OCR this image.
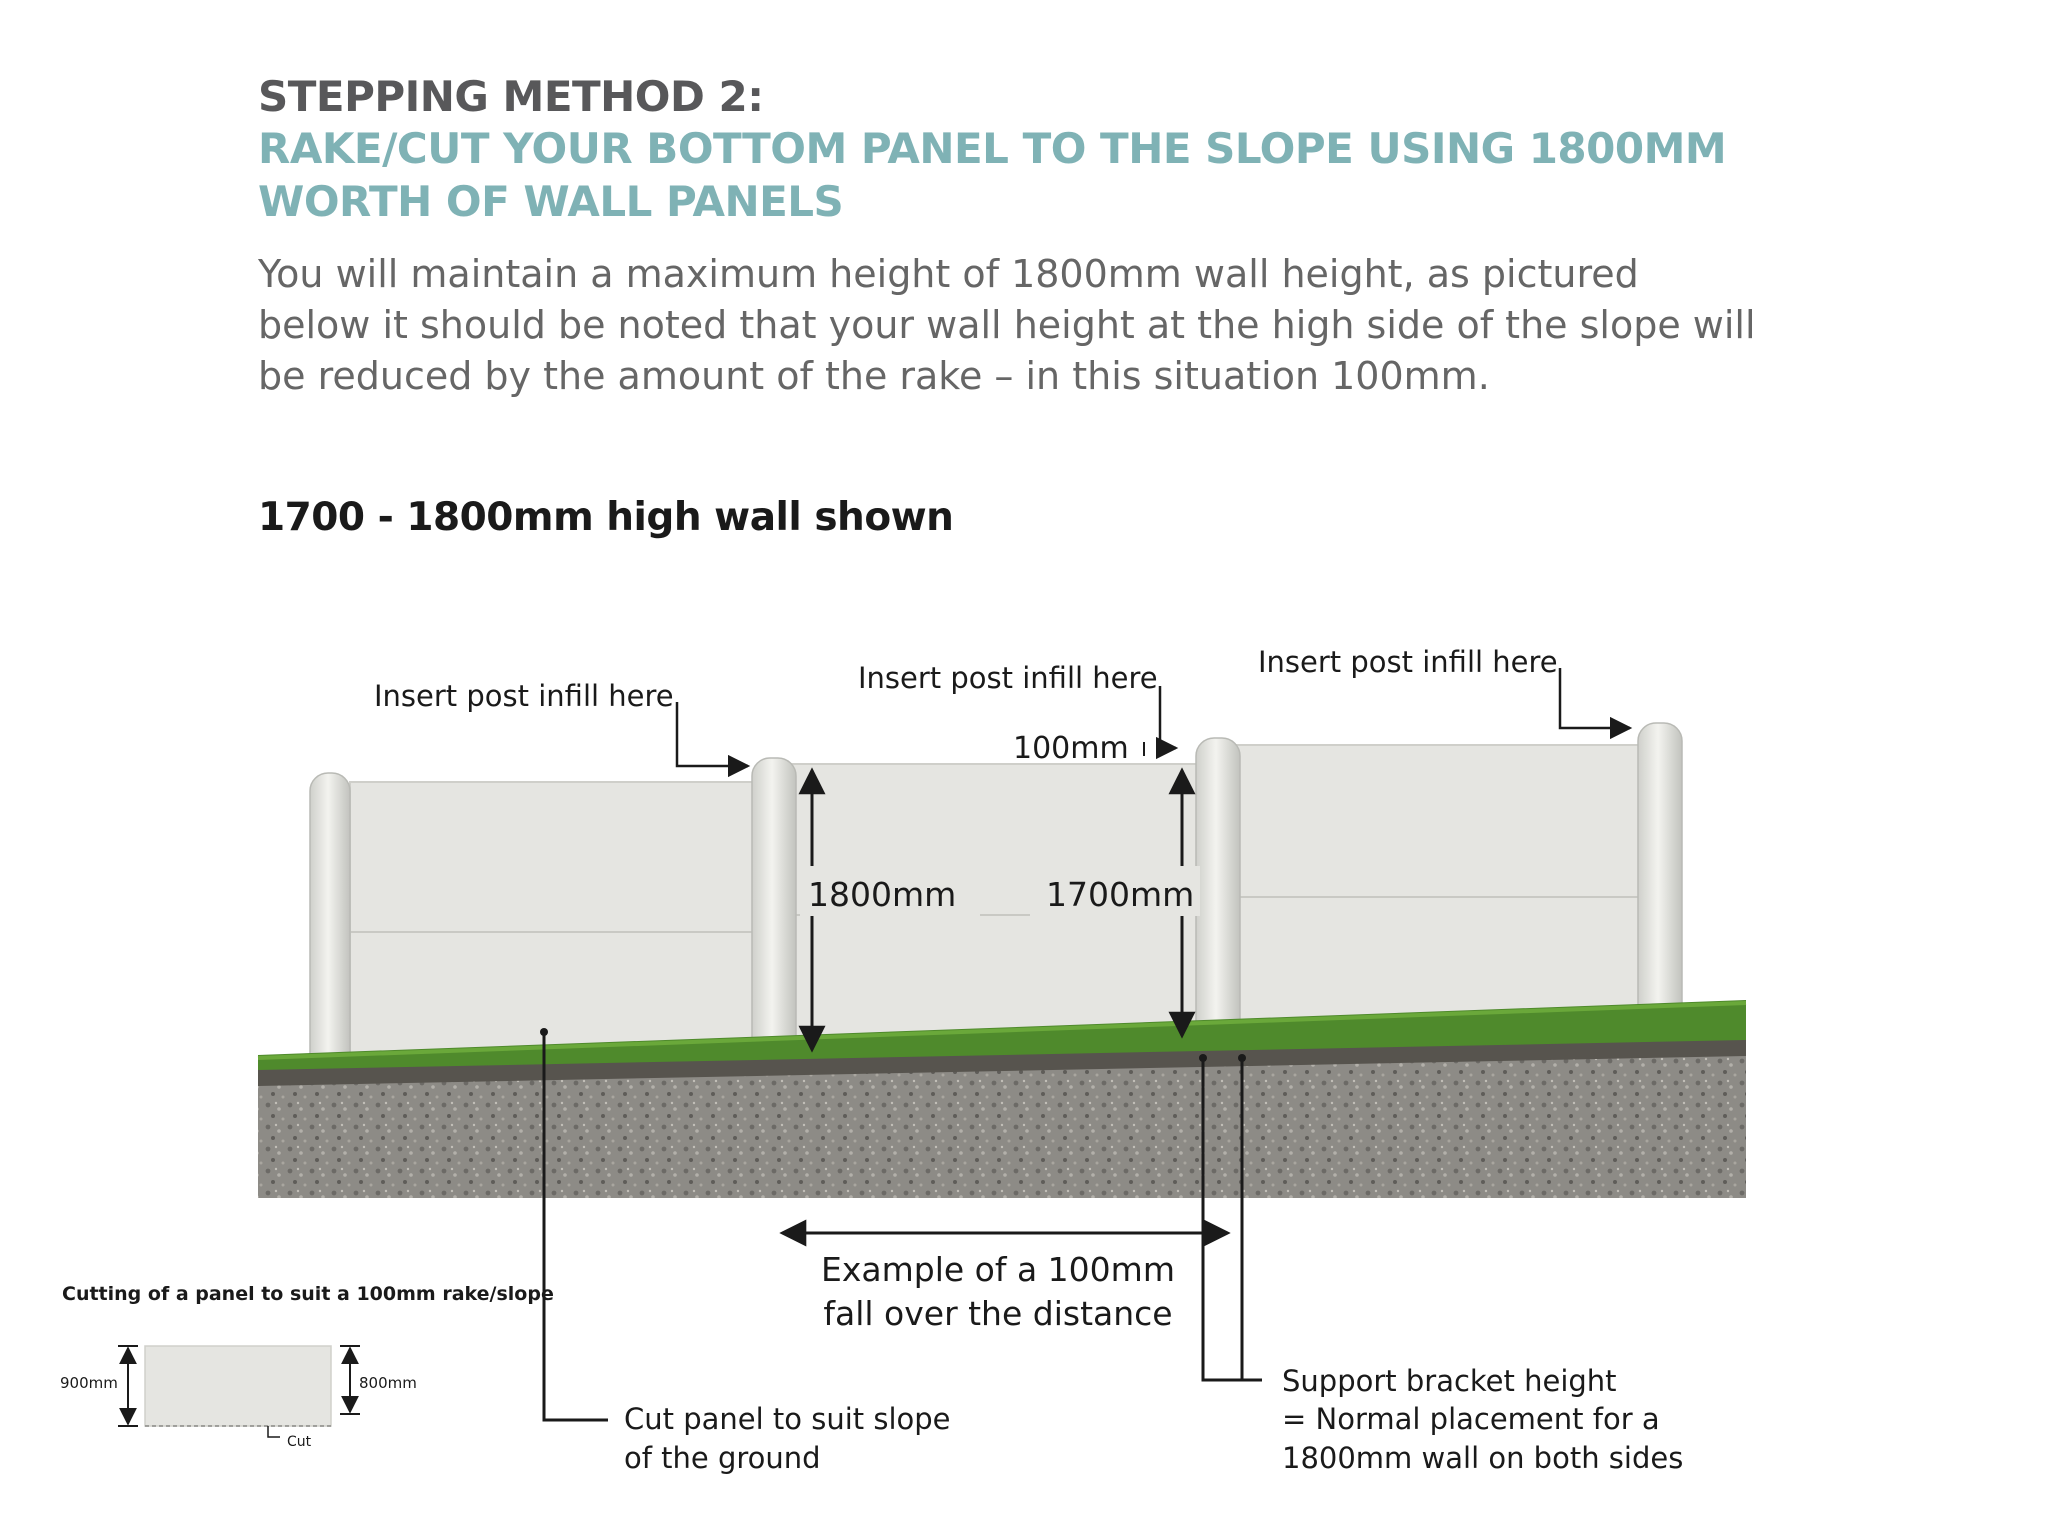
STEPPING METHOD 2:
RAKE/CUT YOUR BOTTOM PANEL TO THE SLOPE USING 1800MM
WORTH OF WALL PANELS
You will maintain a maximum height of 1800mm wall height, as pictured
below it should be noted that your wall height at the high side of the slope will
be reduced by the amount of the rake – in this situation 100mm.
1700 - 1800mm high wall shown
Insert post infill here
Insert post infill here	Insert post infill here
100mm
1800mm	1700mm
Example of a 100mm
fall over the distance
Cut panel to suit slope
of the ground
Support bracket height
= Normal placement for a
1800mm wall on both sides
Cutting of a panel to suit a 100mm rake/slope
900mm	800mm
Cut
